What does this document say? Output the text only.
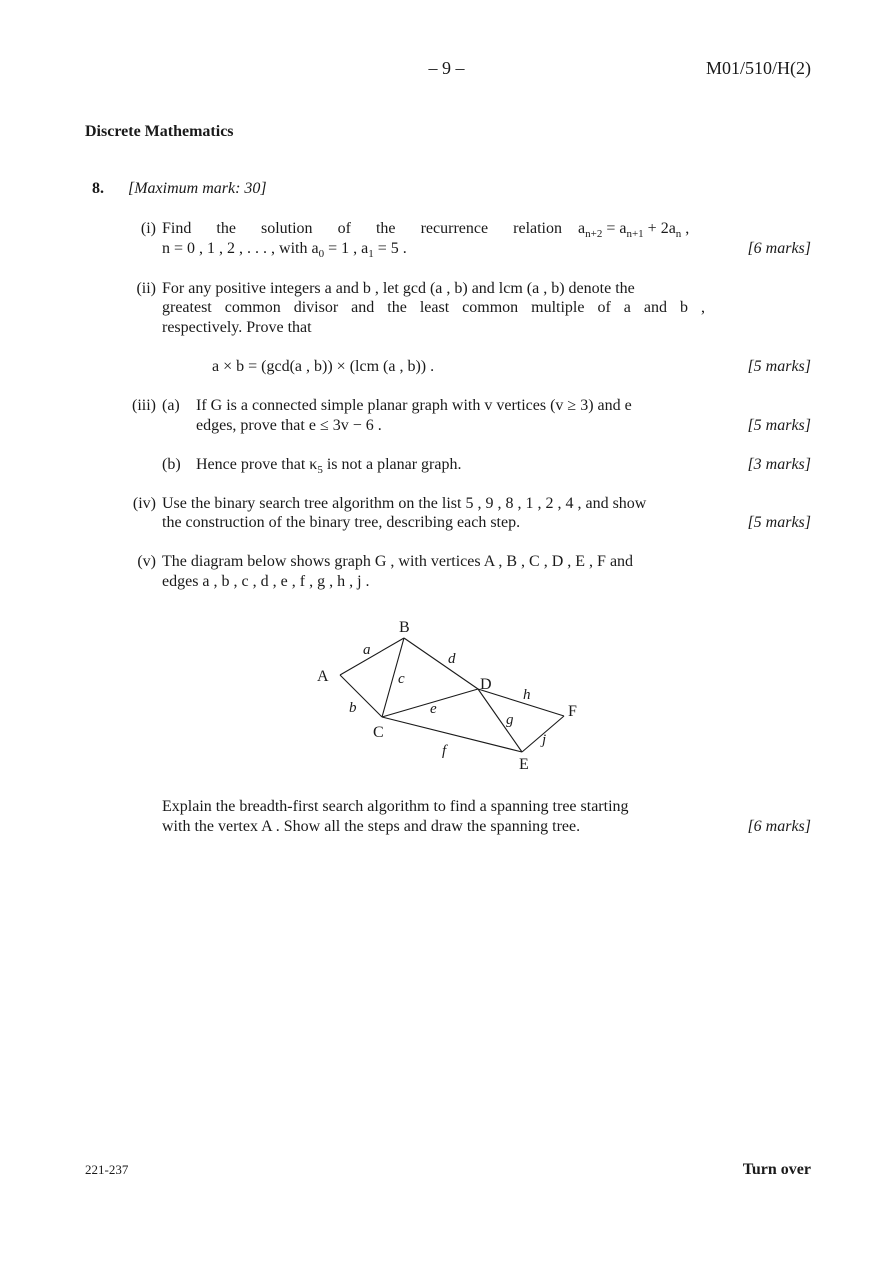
– 9 –	M01/510/H(2)
Discrete Mathematics
8. [Maximum mark: 30]
(i) Find the solution of the recurrence relation $a_{n+2} = a_{n+1} + 2a_n$ ,
n = 0 , 1 , 2 , . . . , with $a_0 = 1$ , $a_1 = 5$ .	[6 marks]
(ii) For any positive integers a and b , let gcd (a , b) and lcm (a , b) denote the
greatest common divisor and the least common multiple of a and b ,
respectively. Prove that
a × b = (gcd(a , b)) × (lcm (a , b)) .	[5 marks]
(iii) (a) If G is a connected simple planar graph with v vertices (v ≥ 3) and e
edges, prove that e ≤ 3v − 6 .	[5 marks]
(b) Hence prove that $\kappa_5$ is not a planar graph.	[3 marks]
(iv) Use the binary search tree algorithm on the list 5 , 9 , 8 , 1 , 2 , 4 , and show
the construction of the binary tree, describing each step.	[5 marks]
(v) The diagram below shows graph G , with vertices A , B , C , D , E , F and
edges a , b , c , d , e , f , g , h , j .
A
B
C
D
E
F
a
b
c
d
e
f
g
h
j
Explain the breadth-first search algorithm to find a spanning tree starting
with the vertex A . Show all the steps and draw the spanning tree.	[6 marks]
221-237	Turn over
